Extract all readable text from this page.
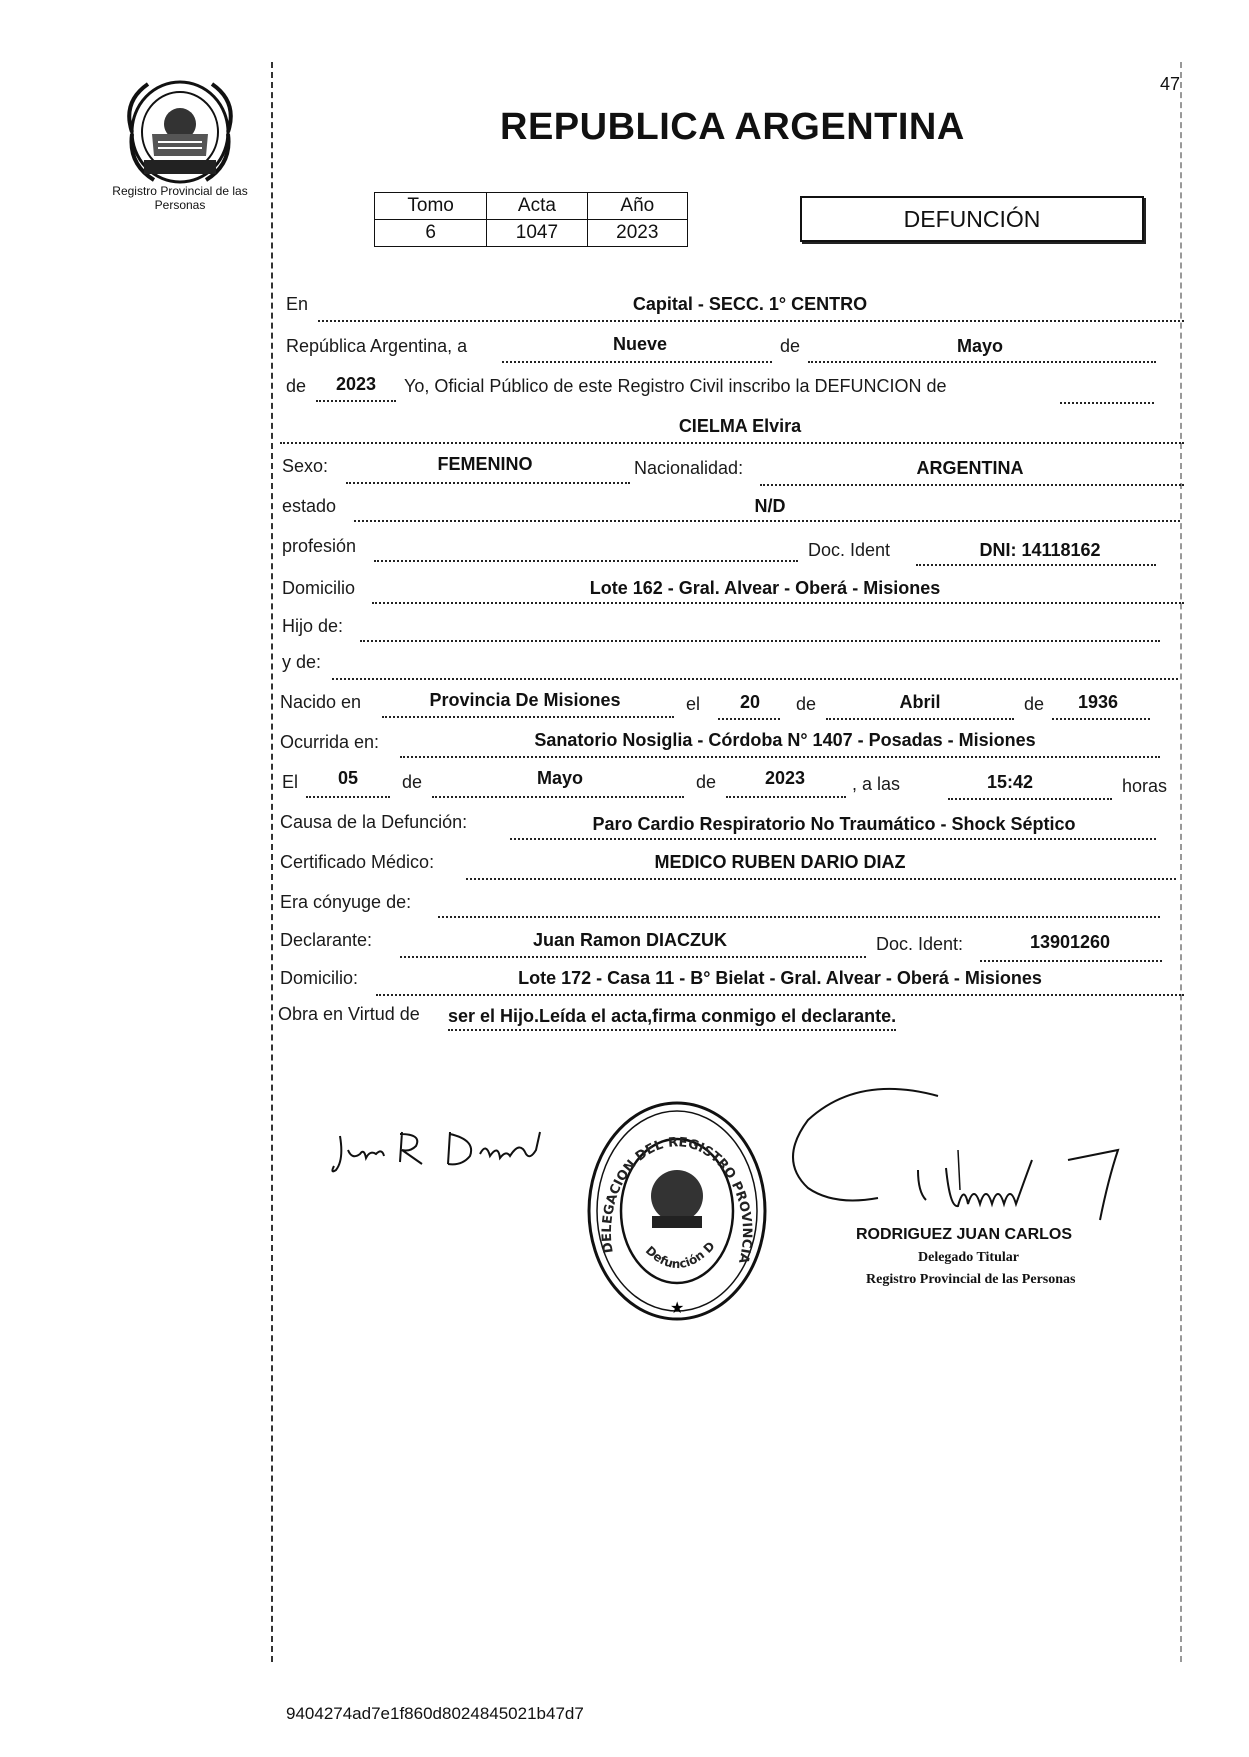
Registro Provincial de las Personas
47
REPUBLICA ARGENTINA
Tomo	Acta	Año
6	1047	2023
DEFUNCIÓN
En	Capital - SECC. 1° CENTRO
República Argentina, a	Nueve	de	Mayo
de	2023	Yo, Oficial Público de este Registro Civil inscribo la DEFUNCION de
CIELMA Elvira
Sexo:	FEMENINO	Nacionalidad:	ARGENTINA
estado	N/D
profesión	Doc. Ident	DNI: 14118162
Domicilio	Lote 162 - Gral. Alvear - Oberá - Misiones
Hijo de:
y de:
Nacido en	Provincia De Misiones	el	20	de	Abril	de	1936
Ocurrida en:	Sanatorio Nosiglia - Córdoba N° 1407 - Posadas - Misiones
El	05	de	Mayo	de	2023	, a las	15:42	horas
Causa de la Defunción:	Paro Cardio Respiratorio No Traumático - Shock Séptico
Certificado Médico:	MEDICO RUBEN DARIO DIAZ
Era cónyuge de:
Declarante:	Juan Ramon DIACZUK	Doc. Ident:	13901260
Domicilio:	Lote 172 - Casa 11 - B° Bielat - Gral. Alvear - Oberá - Misiones
Obra en Virtud de ser el Hijo.Leída el acta,firma conmigo el declarante.
DELEGACION DEL REGISTRO PROVINCIA
Defunción D
★
RODRIGUEZ JUAN CARLOS
Delegado Titular
Registro Provincial de las Personas
9404274ad7e1f860d8024845021b47d7
